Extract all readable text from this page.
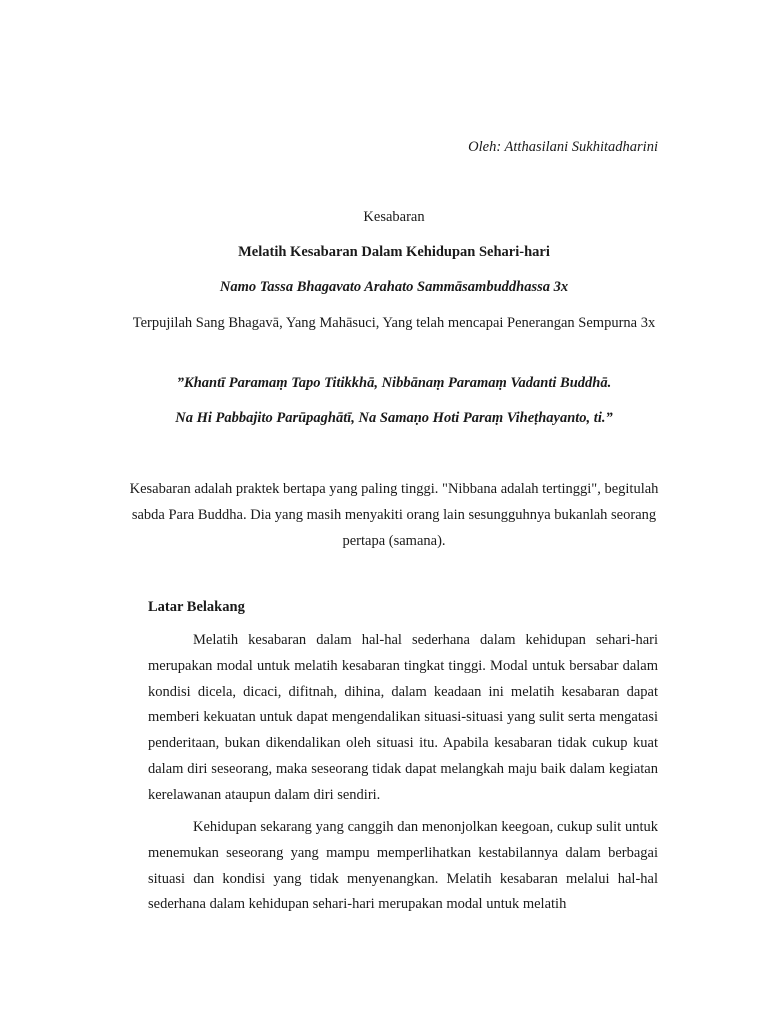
Oleh: Atthasilani Sukhitadharini
Kesabaran
Melatih Kesabaran Dalam Kehidupan Sehari-hari
Namo Tassa Bhagavato Arahato Sammāsambuddhassa 3x
Terpujilah Sang Bhagavā, Yang Mahāsuci, Yang telah mencapai Penerangan Sempurna 3x
”Khantī Paramaṃ Tapo Titikkhā, Nibbānaṃ Paramaṃ Vadanti Buddhā.
Na Hi Pabbajito Parūpaghātī, Na Samaṇo Hoti Paraṃ Viheṭhayanto, ti.”
Kesabaran adalah praktek bertapa yang paling tinggi. "Nibbana adalah tertinggi", begitulah sabda Para Buddha. Dia yang masih menyakiti orang lain sesungguhnya bukanlah seorang pertapa (samana).
Latar Belakang

Melatih kesabaran dalam hal-hal sederhana dalam kehidupan sehari-hari merupakan modal untuk melatih kesabaran tingkat tinggi. Modal untuk bersabar dalam kondisi dicela, dicaci, difitnah, dihina, dalam keadaan ini melatih kesabaran dapat memberi kekuatan untuk dapat mengendalikan situasi-situasi yang sulit serta mengatasi penderitaan, bukan dikendalikan oleh situasi itu. Apabila kesabaran tidak cukup kuat dalam diri seseorang, maka seseorang tidak dapat melangkah maju baik dalam kegiatan kerelawanan ataupun dalam diri sendiri.

Kehidupan sekarang yang canggih dan menonjolkan keegoan, cukup sulit untuk menemukan seseorang yang mampu memperlihatkan kestabilannya dalam berbagai situasi dan kondisi yang tidak menyenangkan. Melatih kesabaran melalui hal-hal sederhana dalam kehidupan sehari-hari merupakan modal untuk melatih
